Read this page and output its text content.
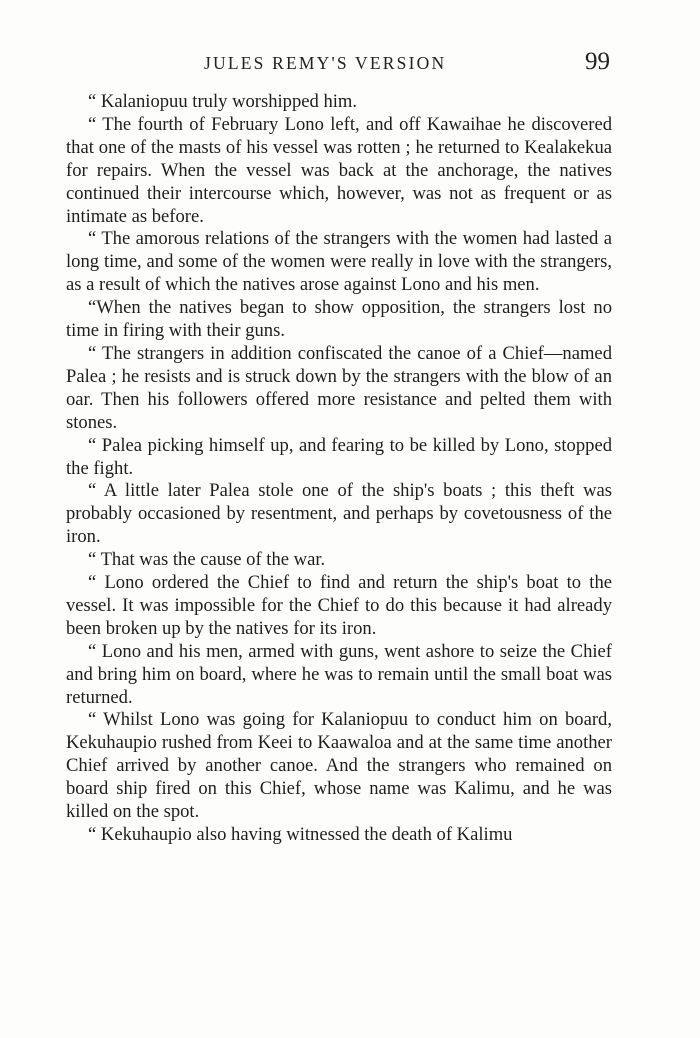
JULES REMY'S VERSION	99

“ Kalaniopuu truly worshipped him.

“ The fourth of February Lono left, and off Kawaihae he discovered that one of the masts of his vessel was rotten ; he returned to Kealakekua for repairs. When the vessel was back at the anchorage, the natives continued their intercourse which, however, was not as frequent or as intimate as before.

“ The amorous relations of the strangers with the women had lasted a long time, and some of the women were really in love with the strangers, as a result of which the natives arose against Lono and his men.

“When the natives began to show opposition, the strangers lost no time in firing with their guns.

“ The strangers in addition confiscated the canoe of a Chief—named Palea ; he resists and is struck down by the strangers with the blow of an oar. Then his followers offered more resistance and pelted them with stones.

“ Palea picking himself up, and fearing to be killed by Lono, stopped the fight.

“ A little later Palea stole one of the ship's boats ; this theft was probably occasioned by resentment, and perhaps by covetousness of the iron.

“ That was the cause of the war.

“ Lono ordered the Chief to find and return the ship's boat to the vessel. It was impossible for the Chief to do this because it had already been broken up by the natives for its iron.

“ Lono and his men, armed with guns, went ashore to seize the Chief and bring him on board, where he was to remain until the small boat was returned.

“ Whilst Lono was going for Kalaniopuu to conduct him on board, Kekuhaupio rushed from Keei to Kaawaloa and at the same time another Chief arrived by another canoe. And the strangers who remained on board ship fired on this Chief, whose name was Kalimu, and he was killed on the spot.

“ Kekuhaupio also having witnessed the death of Kalimu
